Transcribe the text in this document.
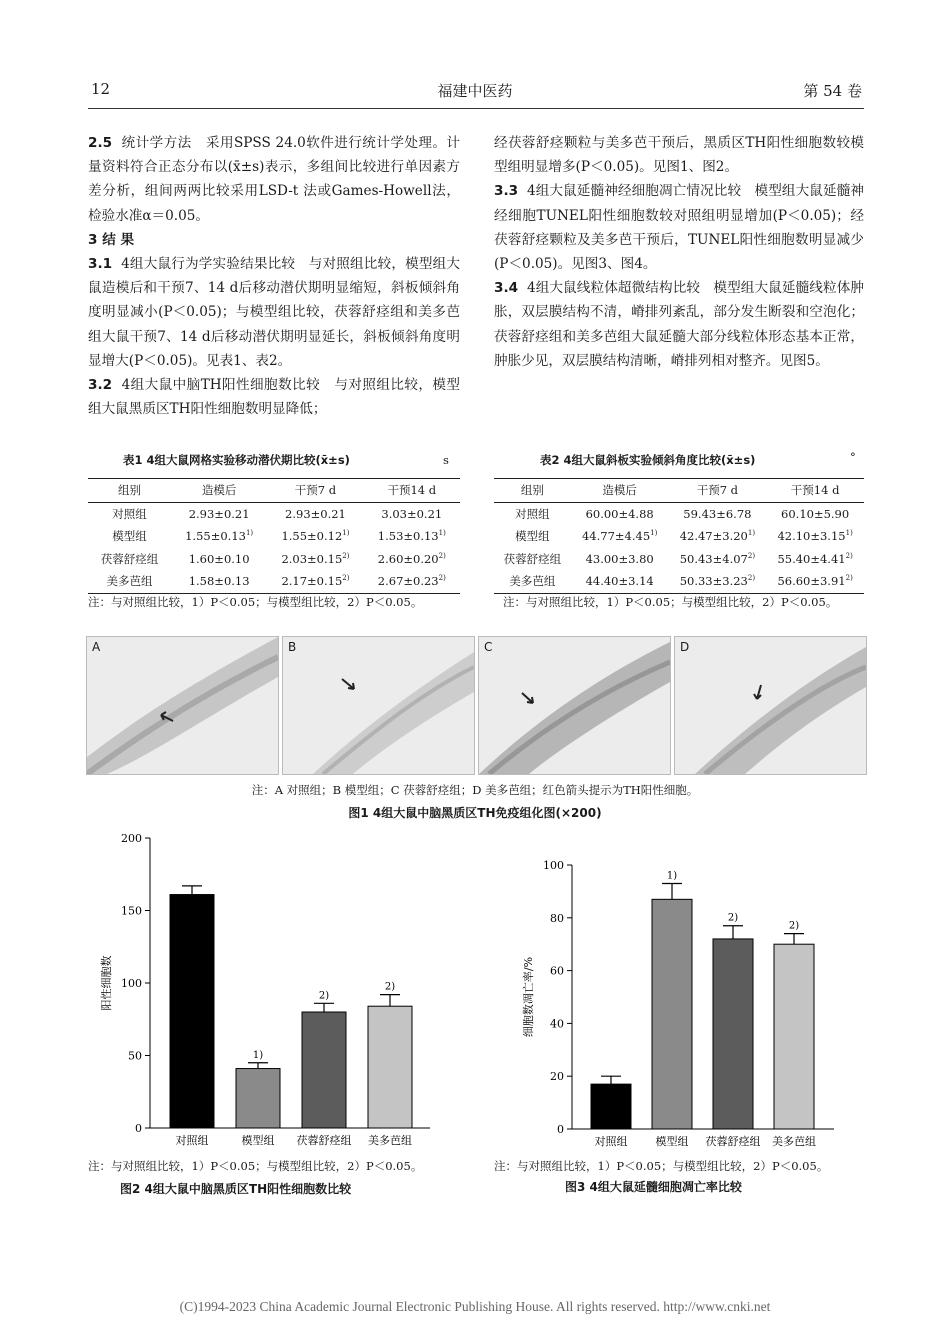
12	福建中医药	第 54 卷

2.5 统计学方法 采用SPSS 24.0软件进行统计学处理。计量资料符合正态分布以(x̄±s)表示，多组间比较进行单因素方差分析，组间两两比较采用LSD-t 法或Games-Howell法，检验水准α＝0.05。

3 结 果

3.1 4组大鼠行为学实验结果比较 与对照组比较，模型组大鼠造模后和干预7、14 d后移动潜伏期明显缩短，斜板倾斜角度明显减小(P＜0.05)；与模型组比较，茯蓉舒痉组和美多芭组大鼠干预7、14 d后移动潜伏期明显延长，斜板倾斜角度明显增大(P＜0.05)。见表1、表2。

3.2 4组大鼠中脑TH阳性细胞数比较 与对照组比较，模型组大鼠黑质区TH阳性细胞数明显降低；

经茯蓉舒痉颗粒与美多芭干预后，黑质区TH阳性细胞数较模型组明显增多(P＜0.05)。见图1、图2。

3.3 4组大鼠延髓神经细胞凋亡情况比较 模型组大鼠延髓神经细胞TUNEL阳性细胞数较对照组明显增加(P＜0.05)；经茯蓉舒痉颗粒及美多芭干预后，TUNEL阳性细胞数明显减少(P＜0.05)。见图3、图4。

3.4 4组大鼠线粒体超微结构比较 模型组大鼠延髓线粒体肿胀，双层膜结构不清，嵴排列紊乱，部分发生断裂和空泡化；茯蓉舒痉组和美多芭组大鼠延髓大部分线粒体形态基本正常，肿胀少见，双层膜结构清晰，嵴排列相对整齐。见图5。

表1 4组大鼠网格实验移动潜伏期比较(x̄±s)	s
组别	造模后	干预7 d	干预14 d
对照组	2.93±0.21	2.93±0.21	3.03±0.21
模型组	$1.55\pm 0.13^{1)}$	$1.55\pm 0.12^{1)}$	$1.53\pm 0.13^{1)}$
茯蓉舒痉组	1.60±0.10	$2.03\pm 0.15^{2)}$	$2.60\pm 0.20^{2)}$
美多芭组	1.58±0.13	$2.17\pm 0.15^{2)}$	$2.67\pm 0.23^{2)}$
注：与对照组比较，1）P＜0.05；与模型组比较，2）P＜0.05。
表2 4组大鼠斜板实验倾斜角度比较(x̄±s)	°
组别	造模后	干预7 d	干预14 d
对照组	60.00±4.88	59.43±6.78	60.10±5.90
模型组	$44.77\pm 4.45^{1)}$	$42.47\pm 3.20^{1)}$	$42.10\pm 3.15^{1)}$
茯蓉舒痉组	43.00±3.80	$50.43\pm 4.07^{2)}$	$55.40\pm 4.41^{2)}$
美多芭组	44.40±3.14	$50.33\pm 3.23^{2)}$	$56.60\pm 3.91^{2)}$
注：与对照组比较，1）P＜0.05；与模型组比较，2）P＜0.05。
A	B	C	D
注：A 对照组；B 模型组；C 茯蓉舒痉组；D 美多芭组；红色箭头提示为TH阳性细胞。
图1 4组大鼠中脑黑质区TH免疫组化图(×200)
0
50
100
150
200
阳性细胞数
对照组
1)
模型组
2)
茯蓉舒痉组
2)
美多芭组
注：与对照组比较，1）P＜0.05；与模型组比较，2）P＜0.05。
图2 4组大鼠中脑黑质区TH阳性细胞数比较
0
20
40
60
80
100
细胞数凋亡率/%
对照组
1)
模型组
2)
茯蓉舒痉组
2)
美多芭组
注：与对照组比较，1）P＜0.05；与模型组比较，2）P＜0.05。
图3 4组大鼠延髓细胞凋亡率比较
(C)1994-2023 China Academic Journal Electronic Publishing House. All rights reserved. http://www.cnki.net
